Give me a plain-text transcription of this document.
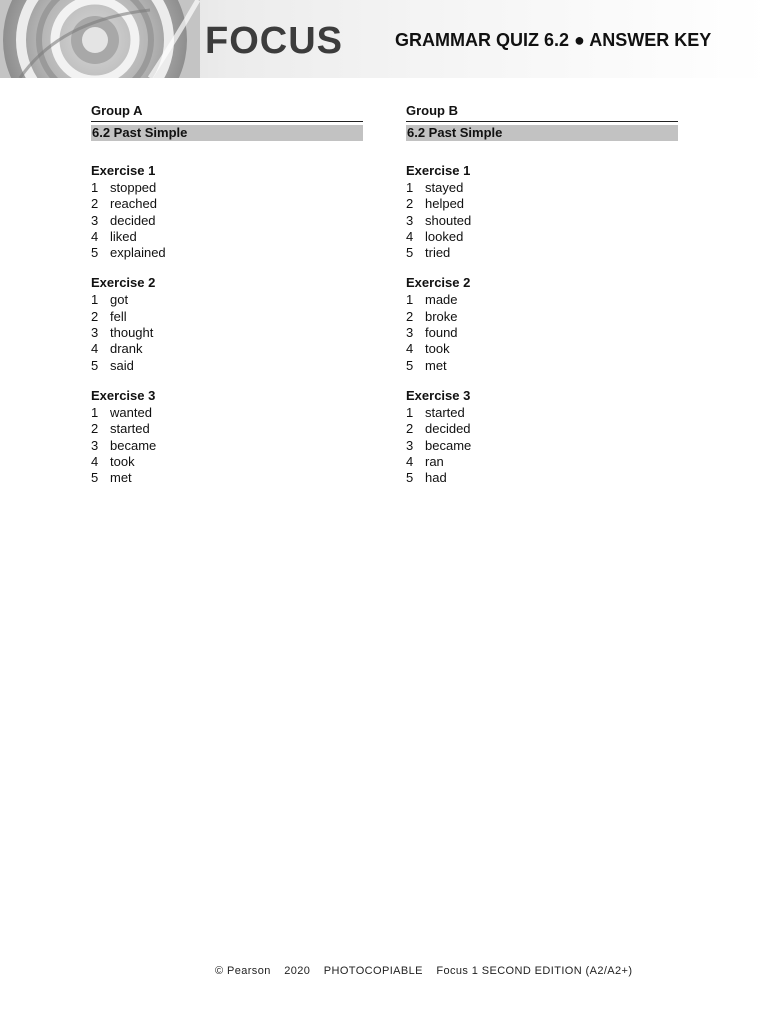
FOCUS	GRAMMAR QUIZ 6.2 ● ANSWER KEY
Group A
6.2 Past Simple
Exercise 1
1 stopped
2 reached
3 decided
4 liked
5 explained
Exercise 2
1 got
2 fell
3 thought
4 drank
5 said
Exercise 3
1 wanted
2 started
3 became
4 took
5 met
Group B
6.2 Past Simple
Exercise 1
1 stayed
2 helped
3 shouted
4 looked
5 tried
Exercise 2
1 made
2 broke
3 found
4 took
5 met
Exercise 3
1 started
2 decided
3 became
4 ran
5 had
© Pearson 2020 PHOTOCOPIABLE Focus 1 SECOND EDITION (A2/A2+)
